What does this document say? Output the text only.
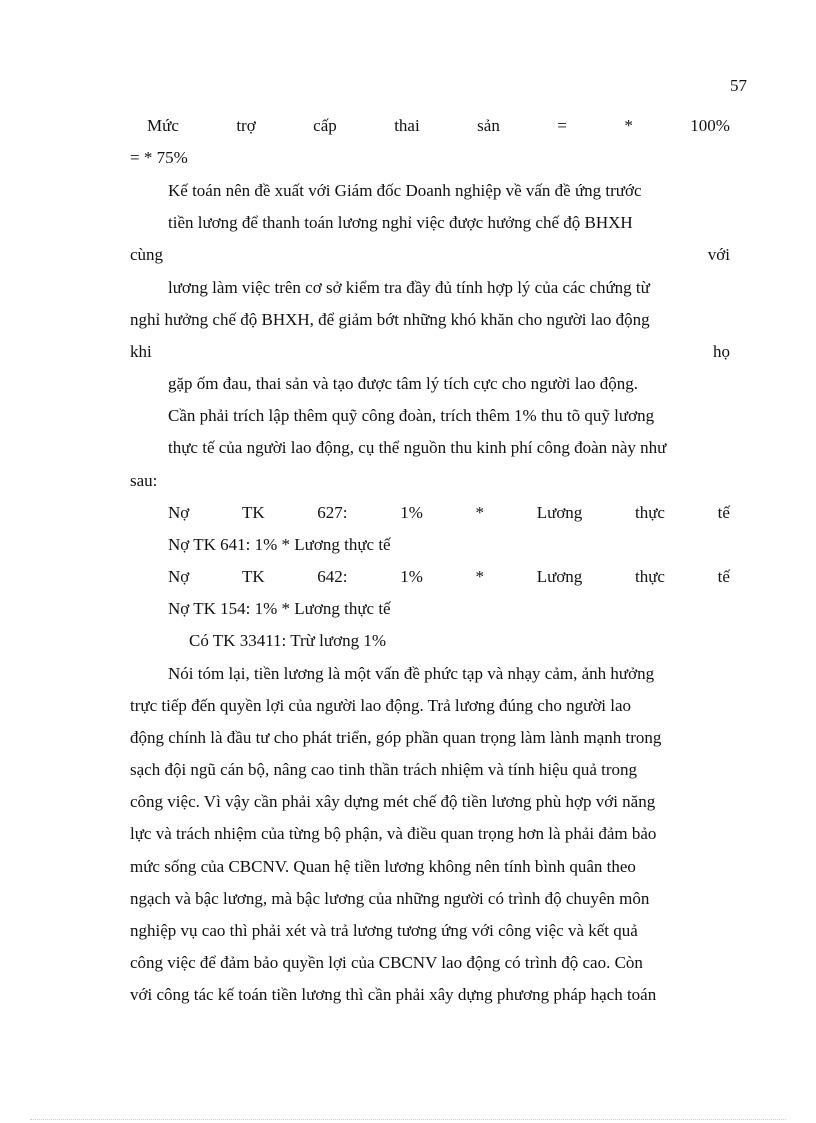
57
Mức	trợ	cấp	thai	sản	=	*	100%
= * 75%
Kế toán nên đề xuất với Giám đốc Doanh nghiệp về vấn đề ứng trước
tiền lương để thanh toán lương nghỉ việc được hưởng chế độ BHXH
cùng	với
lương làm việc trên cơ sở kiểm tra đầy đủ tính hợp lý của các chứng từ
nghỉ hưởng chế độ BHXH, để giảm bớt những khó khăn cho người lao động
khi	họ
gặp ốm đau, thai sản và tạo được tâm lý tích cực cho người lao động.
Cần phải trích lập thêm quỹ công đoàn, trích thêm 1% thu tõ quỹ lương
thực tế của người lao động, cụ thể nguồn thu kinh phí công đoàn này như
sau:
Nợ	TK	627:	1%	*	Lương	thực	tế
Nợ TK 641: 1% * Lương thực tế
Nợ	TK	642:	1%	*	Lương	thực	tế
Nợ TK 154: 1% * Lương thực tế
Có TK 33411: Trừ lương 1%
Nói tóm lại, tiền lương là một vấn đề phức tạp và nhạy cảm, ảnh hưởng
trực tiếp đến quyền lợi của người lao động. Trả lương đúng cho người lao
động chính là đầu tư cho phát triển, góp phần quan trọng làm lành mạnh trong
sạch đội ngũ cán bộ, nâng cao tinh thần trách nhiệm và tính hiệu quả trong
công việc. Vì vậy cần phải xây dựng mét chế độ tiền lương phù hợp với năng
lực và trách nhiệm của từng bộ phận, và điều quan trọng hơn là phải đảm bảo
mức sống của CBCNV. Quan hệ tiền lương không nên tính bình quân theo
ngạch và bậc lương, mà bậc lương của những người có trình độ chuyên môn
nghiệp vụ cao thì phải xét và trả lương tương ứng với công việc và kết quả
công việc để đảm bảo quyền lợi của CBCNV lao động có trình độ cao. Còn
với công tác kế toán tiền lương thì cần phải xây dựng phương pháp hạch toán
